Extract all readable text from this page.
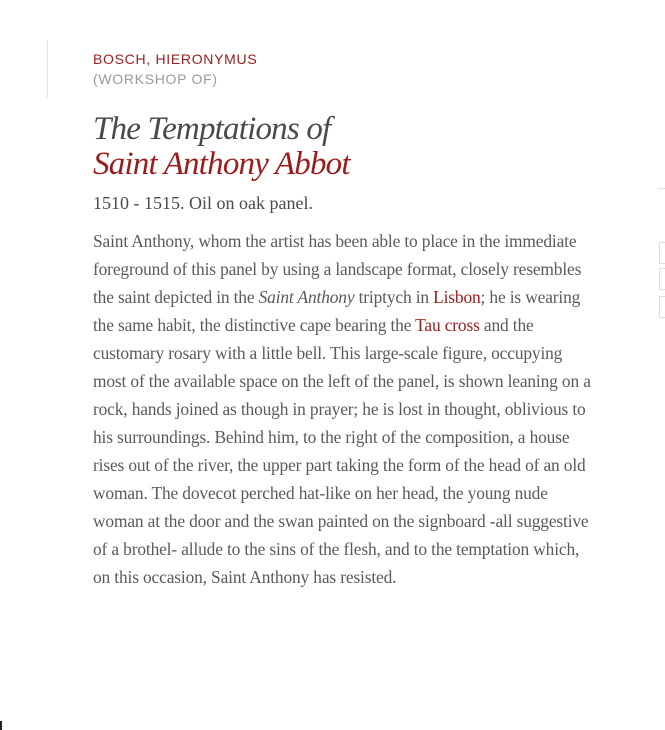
BOSCH, HIERONYMUS

(WORKSHOP OF)

The Temptations of
Saint Anthony Abbot

1510 - 1515. Oil on oak panel.

Saint Anthony, whom the artist has been able to place in the immediate foreground of this panel by using a landscape format, closely resembles the saint depicted in the Saint Anthony triptych in Lisbon; he is wearing the same habit, the distinctive cape bearing the Tau cross and the customary rosary with a little bell. This large-scale figure, occupying most of the available space on the left of the panel, is shown leaning on a rock, hands joined as though in prayer; he is lost in thought, oblivious to his surroundings. Behind him, to the right of the composition, a house rises out of the river, the upper part taking the form of the head of an old woman. The dovecot perched hat-like on her head, the young nude woman at the door and the swan painted on the signboard -all suggestive of a brothel- allude to the sins of the flesh, and to the temptation which, on this occasion, Saint Anthony has resisted.
